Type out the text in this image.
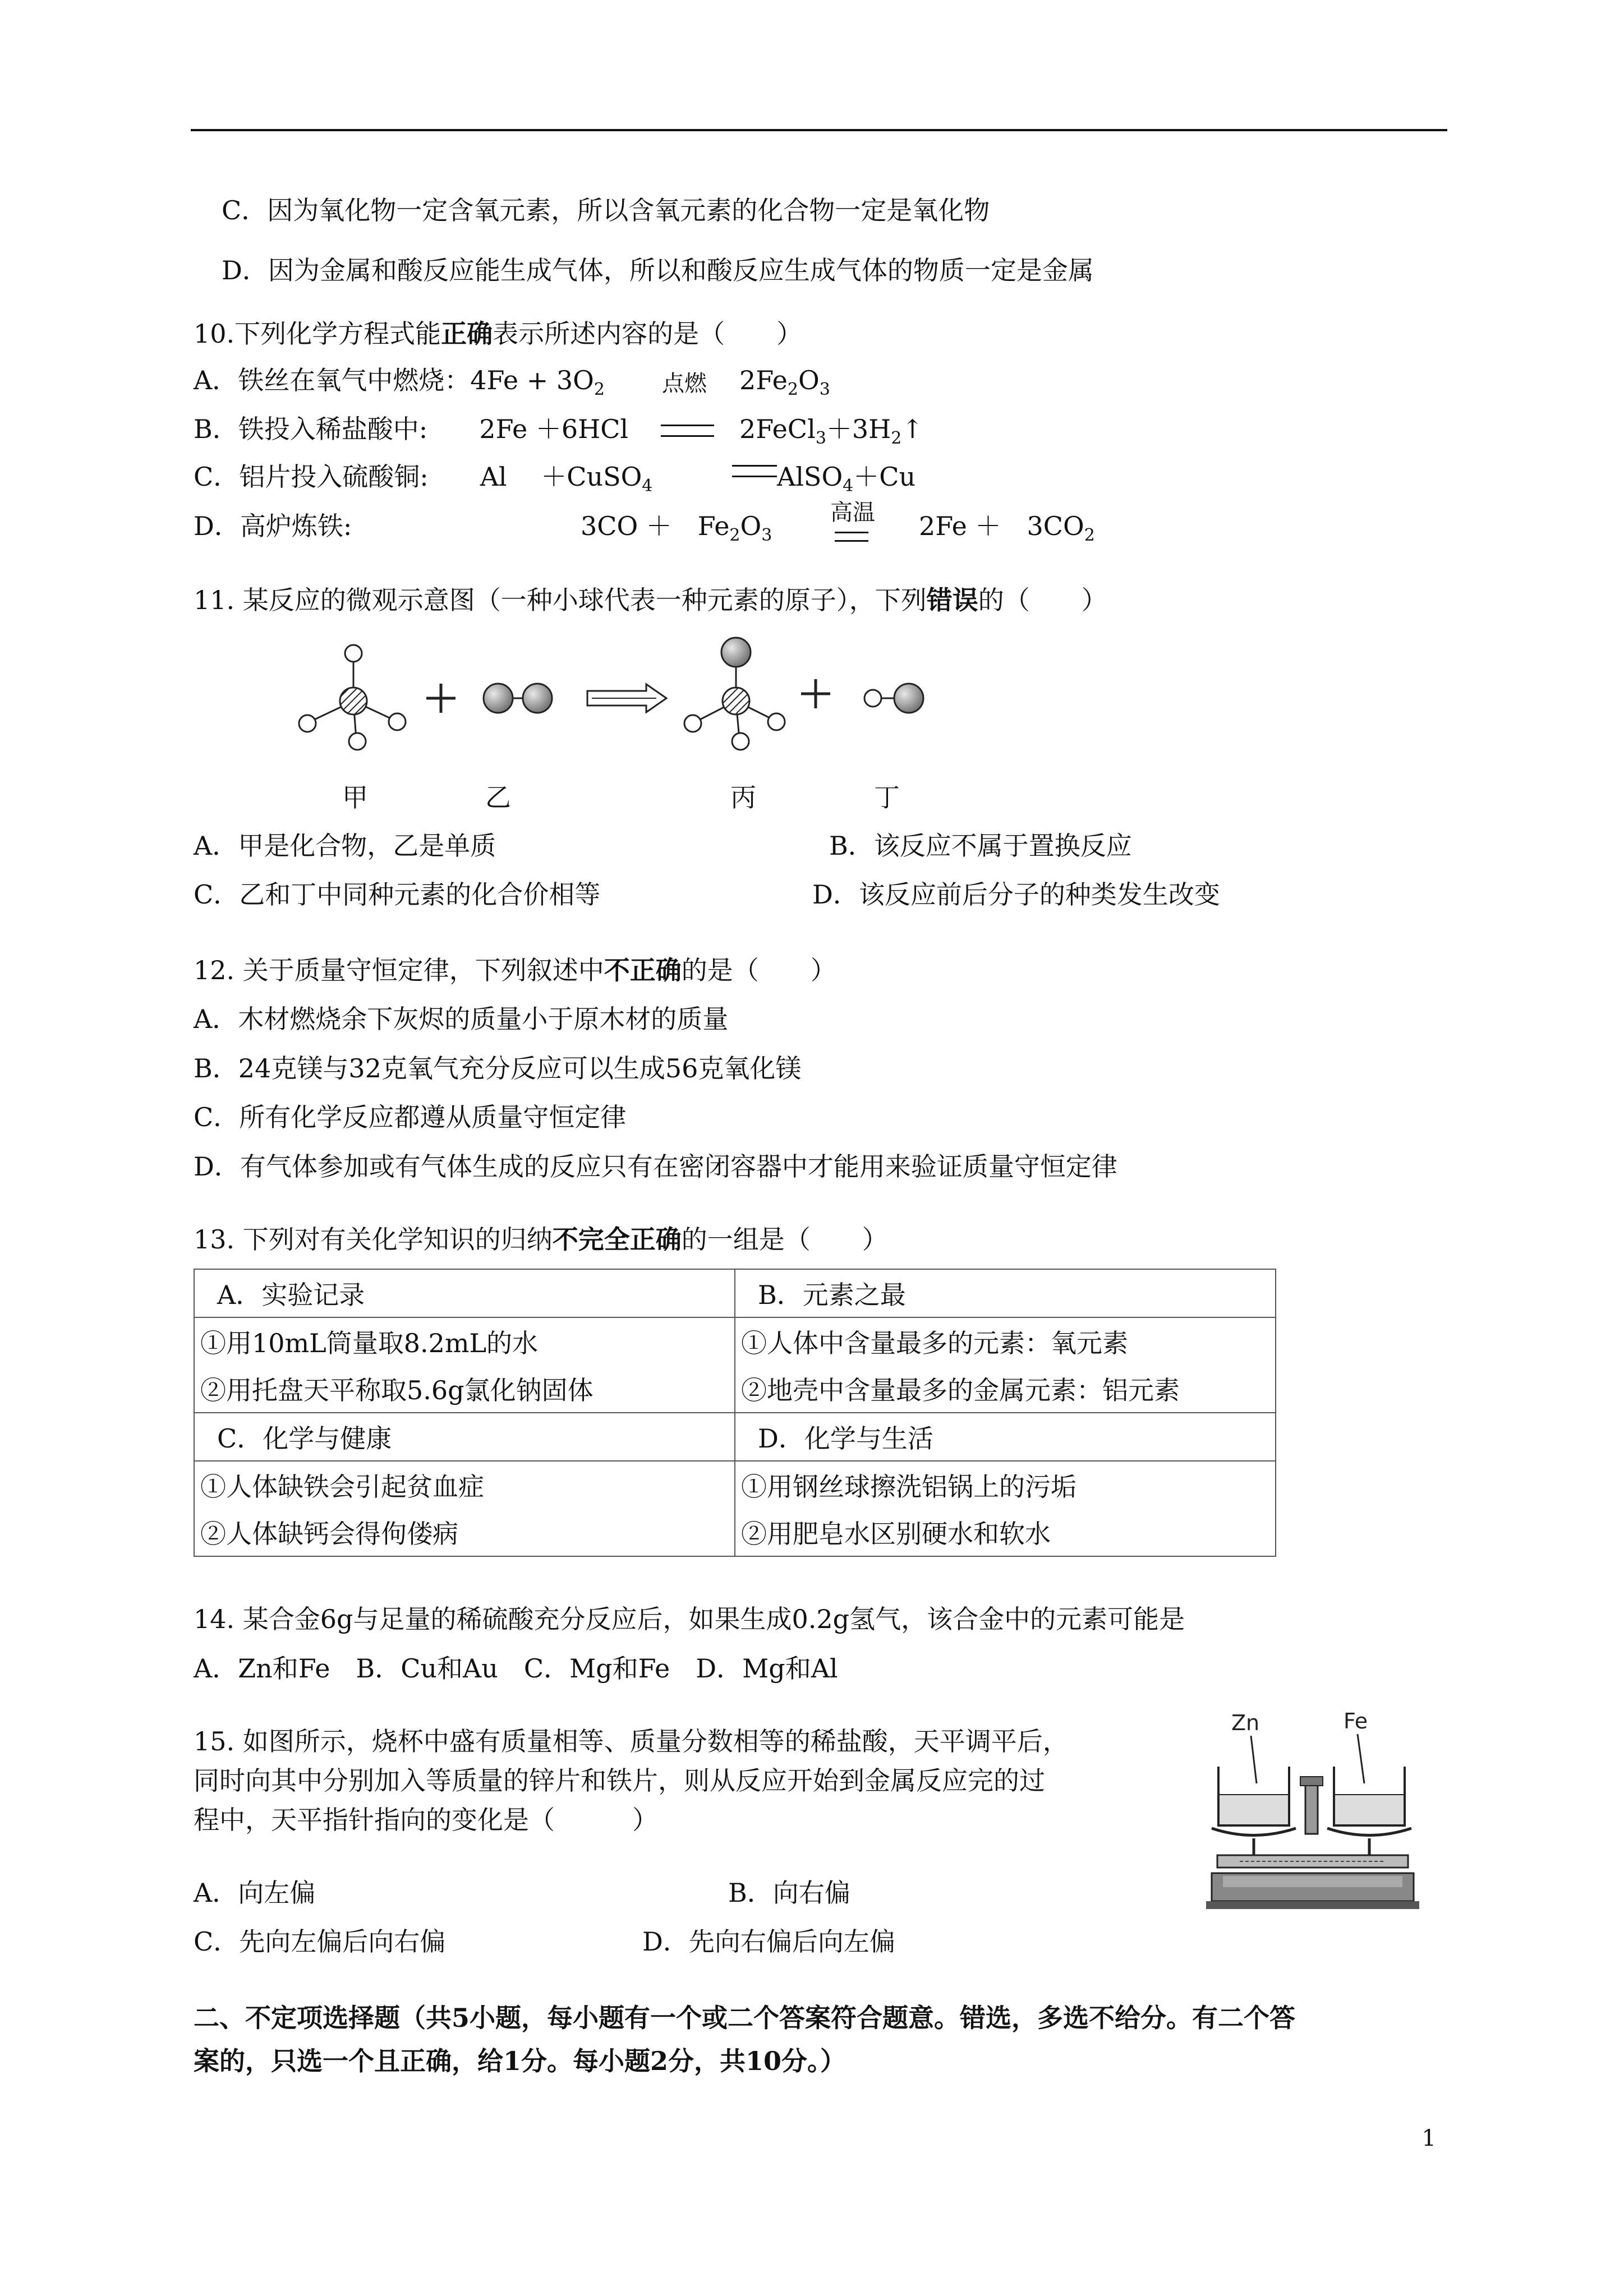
C．因为氧化物一定含氧元素，所以含氧元素的化合物一定是氧化物
D．因为金属和酸反应能生成气体，所以和酸反应生成气体的物质一定是金属
10.下列化学方程式能正确表示所述内容的是（　　）
A．铁丝在氧气中燃烧：$4Fe + 3O_2$	点燃 $2Fe_2O_3$
B．铁投入稀盐酸中:　　2Fe ＋6HCl	$2FeCl_3+3H_2↑$
C．铝片投入硫酸铜:　　Al　 ＋CuSO$_4$	AlSO$_4$＋Cu
D．高炉炼铁:	3CO ＋　$Fe_2O_3$
高温 2Fe ＋　$3CO_2$
11. 某反应的微观示意图（一种小球代表一种元素的原子），下列错误的（　　）
甲	乙	丙	丁
A．甲是化合物，乙是单质	B．该反应不属于置换反应
C．乙和丁中同种元素的化合价相等	D．该反应前后分子的种类发生改变
12. 关于质量守恒定律，下列叙述中不正确的是（　　）
A．木材燃烧余下灰烬的质量小于原木材的质量
B．24克镁与32克氧气充分反应可以生成56克氧化镁
C．所有化学反应都遵从质量守恒定律
D．有气体参加或有气体生成的反应只有在密闭容器中才能用来验证质量守恒定律
13. 下列对有关化学知识的归纳不完全正确的一组是（　　）
A．实验记录	B．元素之最
①用10mL筒量取8.2mL的水	①人体中含量最多的元素：氧元素
②用托盘天平称取5.6g氯化钠固体	②地壳中含量最多的金属元素：铝元素
C．化学与健康	D．化学与生活
①人体缺铁会引起贫血症	①用钢丝球擦洗铝锅上的污垢
②人体缺钙会得佝偻病	②用肥皂水区别硬水和软水
14. 某合金6g与足量的稀硫酸充分反应后，如果生成0.2g氢气，该合金中的元素可能是
A．Zn和Fe　B．Cu和Au　C．Mg和Fe　D．Mg和Al
15. 如图所示，烧杯中盛有质量相等、质量分数相等的稀盐酸，天平调平后，
同时向其中分别加入等质量的锌片和铁片，则从反应开始到金属反应完的过
程中，天平指针指向的变化是（　　　）
Zn	Fe
A．向左偏	B．向右偏
C．先向左偏后向右偏	D．先向右偏后向左偏
二、不定项选择题（共5小题，每小题有一个或二个答案符合题意。错选，多选不给分。有二个答
案的，只选一个且正确，给1分。每小题2分，共10分。）
1
